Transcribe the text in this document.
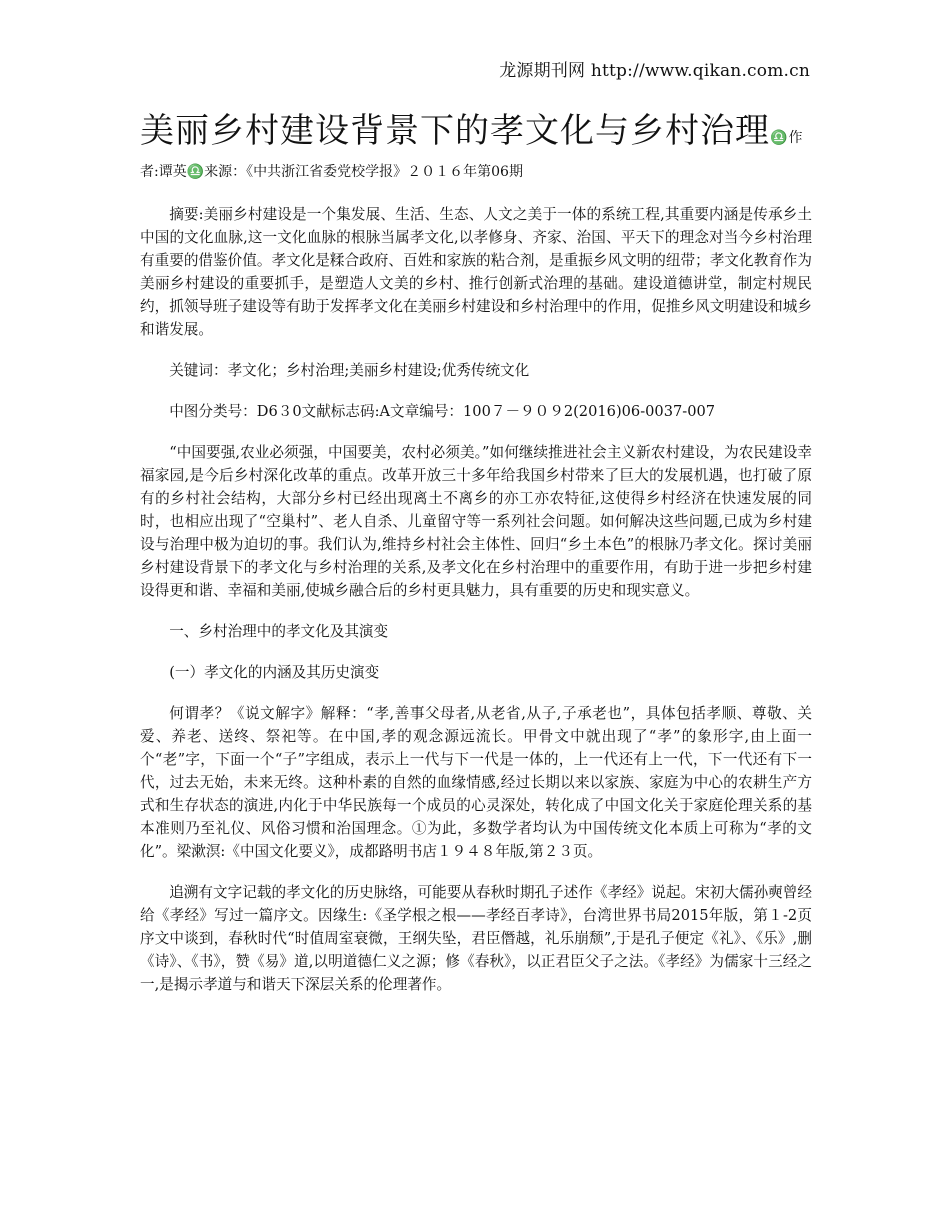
龙源期刊网 http://www.qikan.com.cn
美丽乡村建设背景下的孝文化与乡村治理♎作
者:谭英♎来源：《中共浙江省委党校学报》２０１６年第06期

摘要:美丽乡村建设是一个集发展、生活、生态、人文之美于一体的系统工程,其重要内涵是传承乡土中国的文化血脉,这一文化血脉的根脉当属孝文化,以孝修身、齐家、治国、平天下的理念对当今乡村治理有重要的借鉴价值。孝文化是糅合政府、百姓和家族的粘合剂，是重振乡风文明的纽带；孝文化教育作为美丽乡村建设的重要抓手，是塑造人文美的乡村、推行创新式治理的基础。建设道德讲堂，制定村规民约，抓领导班子建设等有助于发挥孝文化在美丽乡村建设和乡村治理中的作用，促推乡风文明建设和城乡和谐发展。

关键词：孝文化；乡村治理;美丽乡村建设;优秀传统文化

中图分类号：D6３0文献标志码:A文章编号：100７－９０９2(2016)06-0037-007

“中国要强,农业必须强，中国要美，农村必须美。”如何继续推进社会主义新农村建设，为农民建设幸福家园,是今后乡村深化改革的重点。改革开放三十多年给我国乡村带来了巨大的发展机遇，也打破了原有的乡村社会结构，大部分乡村已经出现离土不离乡的亦工亦农特征,这使得乡村经济在快速发展的同时，也相应出现了“空巢村”、老人自杀、儿童留守等一系列社会问题。如何解决这些问题,已成为乡村建设与治理中极为迫切的事。我们认为,维持乡村社会主体性、回归“乡土本色”的根脉乃孝文化。探讨美丽乡村建设背景下的孝文化与乡村治理的关系,及孝文化在乡村治理中的重要作用，有助于进一步把乡村建设得更和谐、幸福和美丽,使城乡融合后的乡村更具魅力，具有重要的历史和现实意义。

一、乡村治理中的孝文化及其演变

(一）孝文化的内涵及其历史演变

何谓孝？《说文解字》解释：“孝,善事父母者,从老省,从子,子承老也”，具体包括孝顺、尊敬、关爱、养老、送终、祭祀等。在中国,孝的观念源远流长。甲骨文中就出现了“孝”的象形字,由上面一个“老”字，下面一个“子”字组成，表示上一代与下一代是一体的，上一代还有上一代，下一代还有下一代，过去无始，未来无终。这种朴素的自然的血缘情感,经过长期以来以家族、家庭为中心的农耕生产方式和生存状态的演进,内化于中华民族每一个成员的心灵深处，转化成了中国文化关于家庭伦理关系的基本准则乃至礼仪、风俗习惯和治国理念。①为此，多数学者均认为中国传统文化本质上可称为“孝的文化”。梁漱溟:《中国文化要义》，成都路明书店１９４８年版,第２３页。

追溯有文字记载的孝文化的历史脉络，可能要从春秋时期孔子述作《孝经》说起。宋初大儒孙奭曾经给《孝经》写过一篇序文。因缘生:《圣学根之根——孝经百孝诗》，台湾世界书局2015年版，第１-2页序文中谈到，春秋时代“时值周室衰微，王纲失坠，君臣僭越，礼乐崩颓”,于是孔子便定《礼》、《乐》,删《诗》、《书》，赞《易》道,以明道德仁义之源；修《春秋》，以正君臣父子之法。《孝经》为儒家十三经之一,是揭示孝道与和谐天下深层关系的伦理著作。
